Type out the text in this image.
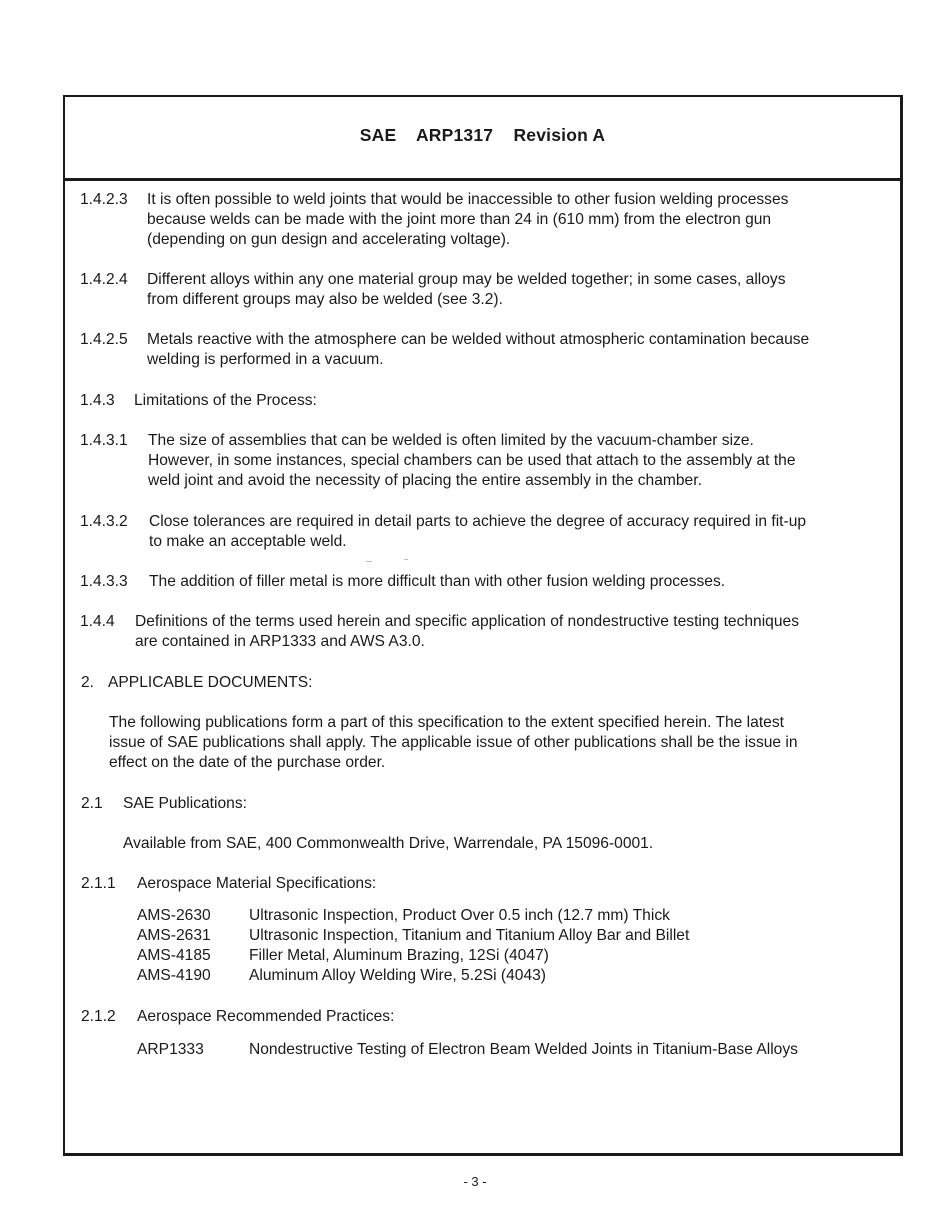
SAE ARP1317 Revision A
1.4.2.3 It is often possible to weld joints that would be inaccessible to other fusion welding processes
because welds can be made with the joint more than 24 in (610 mm) from the electron gun
(depending on gun design and accelerating voltage).
1.4.2.4 Different alloys within any one material group may be welded together; in some cases, alloys
from different groups may also be welded (see 3.2).
1.4.2.5 Metals reactive with the atmosphere can be welded without atmospheric contamination because
welding is performed in a vacuum.
1.4.3 Limitations of the Process:
1.4.3.1 The size of assemblies that can be welded is often limited by the vacuum-chamber size.
However, in some instances, special chambers can be used that attach to the assembly at the
weld joint and avoid the necessity of placing the entire assembly in the chamber.
1.4.3.2 Close tolerances are required in detail parts to achieve the degree of accuracy required in fit-up
to make an acceptable weld.
1.4.3.3 The addition of filler metal is more difficult than with other fusion welding processes.
1.4.4 Definitions of the terms used herein and specific application of nondestructive testing techniques
are contained in ARP1333 and AWS A3.0.
2. APPLICABLE DOCUMENTS:
The following publications form a part of this specification to the extent specified herein. The latest
issue of SAE publications shall apply. The applicable issue of other publications shall be the issue in
effect on the date of the purchase order.
2.1 SAE Publications:
Available from SAE, 400 Commonwealth Drive, Warrendale, PA 15096-0001.
2.1.1 Aerospace Material Specifications:
AMS-2630 Ultrasonic Inspection, Product Over 0.5 inch (12.7 mm) Thick
AMS-2631 Ultrasonic Inspection, Titanium and Titanium Alloy Bar and Billet
AMS-4185 Filler Metal, Aluminum Brazing, 12Si (4047)
AMS-4190 Aluminum Alloy Welding Wire, 5.2Si (4043)
2.1.2 Aerospace Recommended Practices:
ARP1333	Nondestructive Testing of Electron Beam Welded Joints in Titanium-Base Alloys
- 3 -
